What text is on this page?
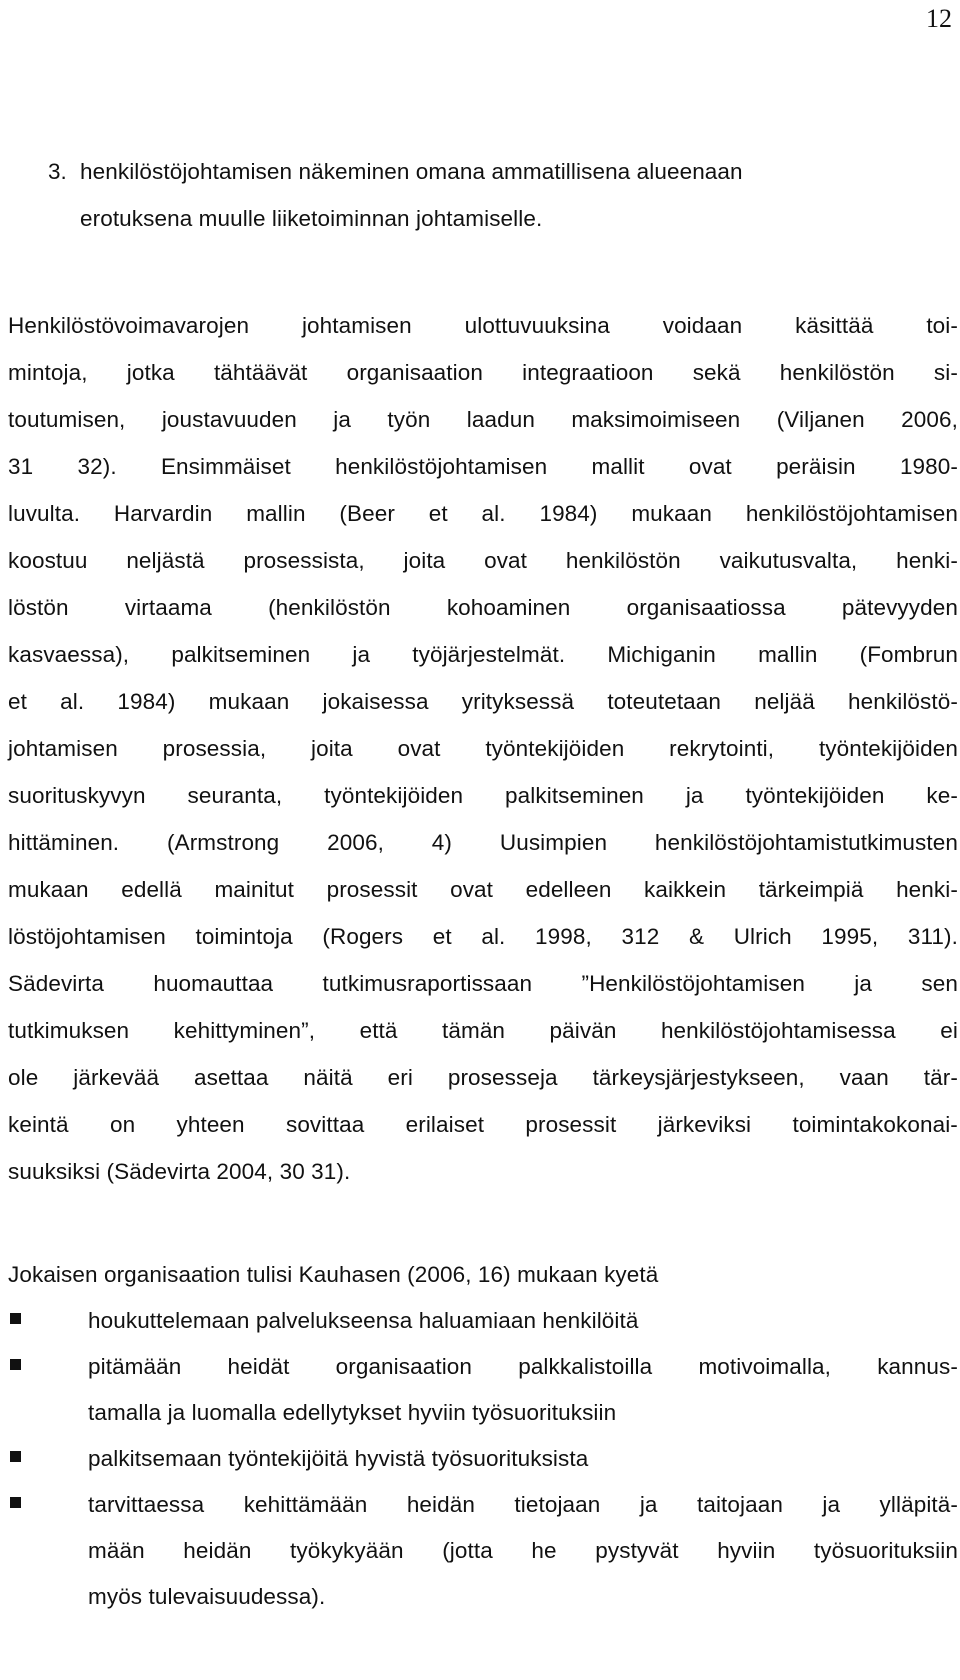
12
3. henkilöstöjohtamisen näkeminen omana ammatillisena alueenaan
erotuksena muulle liiketoiminnan johtamiselle.
Henkilöstövoimavarojen johtamisen ulottuvuuksina voidaan käsittää toi-
mintoja, jotka tähtäävät organisaation integraatioon sekä henkilöstön si-
toutumisen, joustavuuden ja työn laadun maksimoimiseen (Viljanen 2006,
31 32). Ensimmäiset henkilöstöjohtamisen mallit ovat peräisin 1980-
luvulta. Harvardin mallin (Beer et al. 1984) mukaan henkilöstöjohtamisen
koostuu neljästä prosessista, joita ovat henkilöstön vaikutusvalta, henki-
löstön virtaama (henkilöstön kohoaminen organisaatiossa pätevyyden
kasvaessa), palkitseminen ja työjärjestelmät. Michiganin mallin (Fombrun
et al. 1984) mukaan jokaisessa yrityksessä toteutetaan neljää henkilöstö-
johtamisen prosessia, joita ovat työntekijöiden rekrytointi, työntekijöiden
suorituskyvyn seuranta, työntekijöiden palkitseminen ja työntekijöiden ke-
hittäminen. (Armstrong 2006, 4) Uusimpien henkilöstöjohtamistutkimusten
mukaan edellä mainitut prosessit ovat edelleen kaikkein tärkeimpiä henki-
löstöjohtamisen toimintoja (Rogers et al. 1998, 312 & Ulrich 1995, 311).
Sädevirta huomauttaa tutkimusraportissaan ”Henkilöstöjohtamisen ja sen
tutkimuksen kehittyminen”, että tämän päivän henkilöstöjohtamisessa ei
ole järkevää asettaa näitä eri prosesseja tärkeysjärjestykseen, vaan tär-
keintä on yhteen sovittaa erilaiset prosessit järkeviksi toimintakokonai-
suuksiksi (Sädevirta 2004, 30 31).
Jokaisen organisaation tulisi Kauhasen (2006, 16) mukaan kyetä
houkuttelemaan palvelukseensa haluamiaan henkilöitä
pitämään heidät organisaation palkkalistoilla motivoimalla, kannus-
tamalla ja luomalla edellytykset hyviin työsuorituksiin
palkitsemaan työntekijöitä hyvistä työsuorituksista
tarvittaessa kehittämään heidän tietojaan ja taitojaan ja ylläpitä-
mään heidän työkykyään (jotta he pystyvät hyviin työsuorituksiin
myös tulevaisuudessa).
